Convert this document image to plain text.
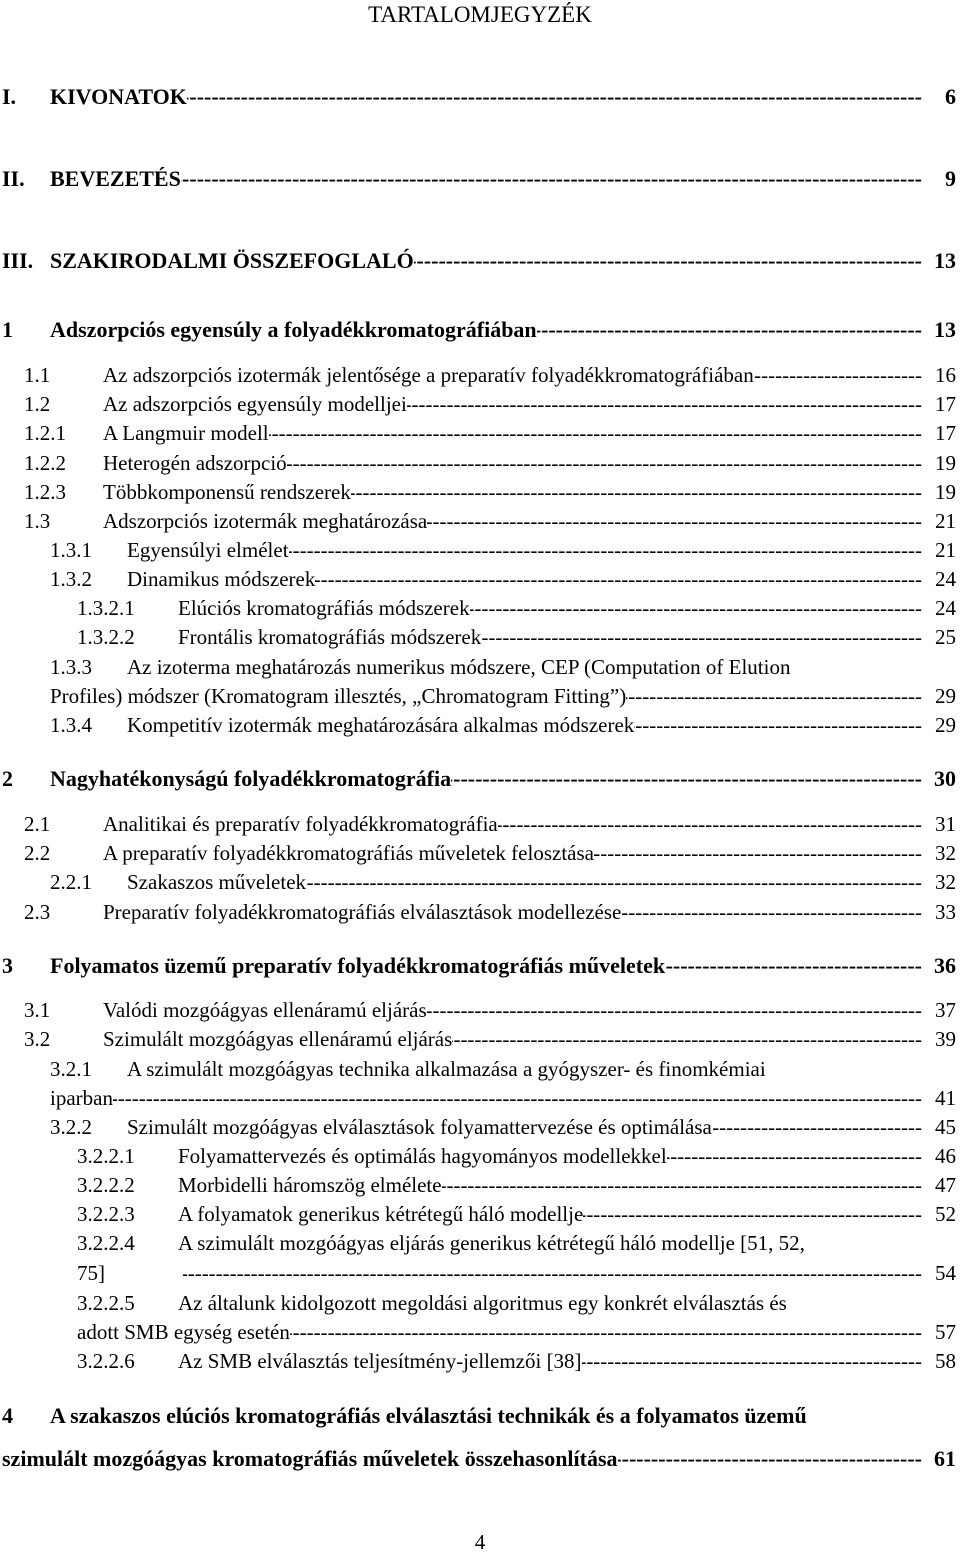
TARTALOMJEGYZÉK
I.	KIVONATOK -----	6
II.	BEVEZETÉS -----	9
III. SZAKIRODALMI ÖSSZEFOGLALÓ -----	13
1	Adszorpciós egyensúly a folyadékkromatográfiában -----	13
1.1	Az adszorpciós izotermák jelentősége a preparatív folyadékkromatográfiában -----	16
1.2	Az adszorpciós egyensúly modelljei -----	17
1.2.1	A Langmuir modell -----	17
1.2.2	Heterogén adszorpció -----	19
1.2.3	Többkomponensű rendszerek -----	19
1.3	Adszorpciós izotermák meghatározása -----	21
1.3.1	Egyensúlyi elmélet -----	21
1.3.2	Dinamikus módszerek -----	24
1.3.2.1	Elúciós kromatográfiás módszerek -----	24
1.3.2.2	Frontális kromatográfiás módszerek -----	25
1.3.3 Az izoterma meghatározás numerikus módszere, CEP (Computation of Elution
Profiles) módszer (Kromatogram illesztés, „Chromatogram Fitting”) -----	29
1.3.4	Kompetitív izotermák meghatározására alkalmas módszerek -----	29
2	Nagyhatékonyságú folyadékkromatográfia -----	30
2.1	Analitikai és preparatív folyadékkromatográfia -----	31
2.2	A preparatív folyadékkromatográfiás műveletek felosztása -----	32
2.2.1	Szakaszos műveletek -----	32
2.3	Preparatív folyadékkromatográfiás elválasztások modellezése -----	33
3	Folyamatos üzemű preparatív folyadékkromatográfiás műveletek -----	36
3.1	Valódi mozgóágyas ellenáramú eljárás -----	37
3.2	Szimulált mozgóágyas ellenáramú eljárás -----	39
3.2.1 A szimulált mozgóágyas technika alkalmazása a gyógyszer- és finomkémiai
iparban -----	41
3.2.2	Szimulált mozgóágyas elválasztások folyamattervezése és optimálása -----	45
3.2.2.1	Folyamattervezés és optimálás hagyományos modellekkel -----	46
3.2.2.2	Morbidelli háromszög elmélete -----	47
3.2.2.3	A folyamatok generikus kétrétegű háló modellje -----	52
3.2.2.4 A szimulált mozgóágyas eljárás generikus kétrétegű háló modellje [51, 52,
75] -----	54
3.2.2.5 Az általunk kidolgozott megoldási algoritmus egy konkrét elválasztás és
adott SMB egység esetén -----	57
3.2.2.6	Az SMB elválasztás teljesítmény-jellemzői [38] -----	58
4 A szakaszos elúciós kromatográfiás elválasztási technikák és a folyamatos üzemű
szimulált mozgóágyas kromatográfiás műveletek összehasonlítása -----	61
4
